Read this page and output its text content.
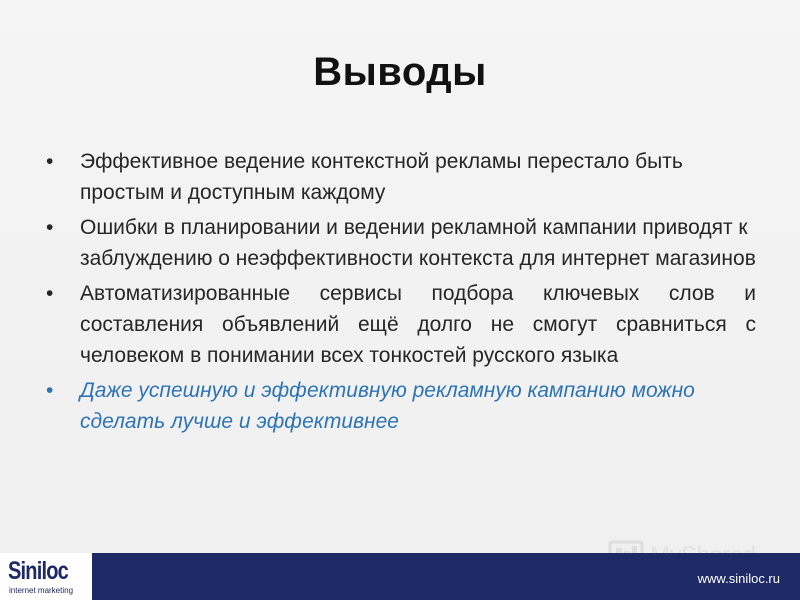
Выводы
•	Эффективное ведение контекстной рекламы перестало быть простым и доступным каждому
•	Ошибки в планировании и ведении рекламной кампании приводят к заблуждению о неэффективности контекста для интернет магазинов
•	Автоматизированные сервисы подбора ключевых слов и составления объявлений ещё долго не смогут сравниться с человеком в понимании всех тонкостей русского языка
•	Даже успешную и эффективную рекламную кампанию можно сделать лучше и эффективнее
Siniloc
internet marketing
www.siniloc.ru
